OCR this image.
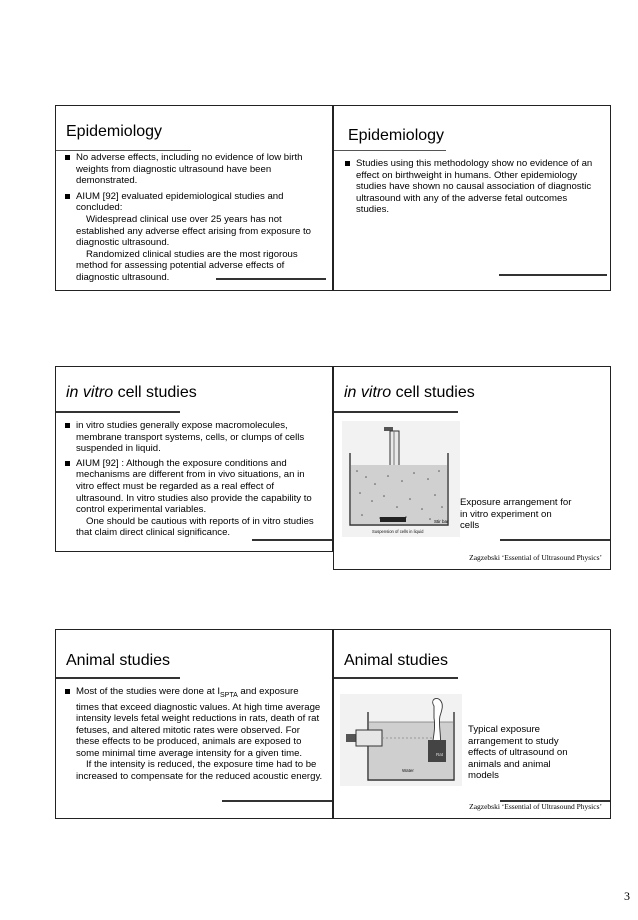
Epidemiology
No adverse effects, including no evidence of low birth weights from diagnostic ultrasound have been demonstrated.
AIUM [92] evaluated epidemiological studies and concluded:
Widespread clinical use over 25 years has not established any adverse effect arising from exposure to diagnostic ultrasound.
Randomized clinical studies are the most rigorous method for assessing potential adverse effects of diagnostic ultrasound.
Epidemiology
Studies using this methodology show no evidence of an effect on birthweight in humans. Other epidemiology studies have shown no causal association of diagnostic ultrasound with any of the adverse fetal outcomes studies.
in vitro cell studies
in vitro studies generally expose macromolecules, membrane transport systems, cells, or clumps of cells suspended in liquid.
AIUM [92] : Although the exposure conditions and mechanisms are different from in vivo situations, an in vitro effect must be regarded as a real effect of ultrasound. In vitro studies also provide the capability to control experimental variables.
One should be cautious with reports of in vitro studies that claim direct clinical significance.
in vitro cell studies
Suspension of cells in liquid
Stir bar
Exposure arrangement for in vitro experiment on cells
Zagzebski ‘Essential of Ultrasound Physics’
Animal studies
Most of the studies were done at $I_{SPTA}$ and exposure times that exceed diagnostic values. At high time average intensity levels fetal weight reductions in rats, death of rat fetuses, and altered mitotic rates were observed. For these effects to be produced, animals are exposed to some minimal time average intensity for a given time.
If the intensity is reduced, the exposure time had to be increased to compensate for the reduced acoustic energy.
Animal studies
Water
Rat
Typical exposure arrangement to study effects of ultrasound on animals and animal models
Zagzebski ‘Essential of Ultrasound Physics’
3
